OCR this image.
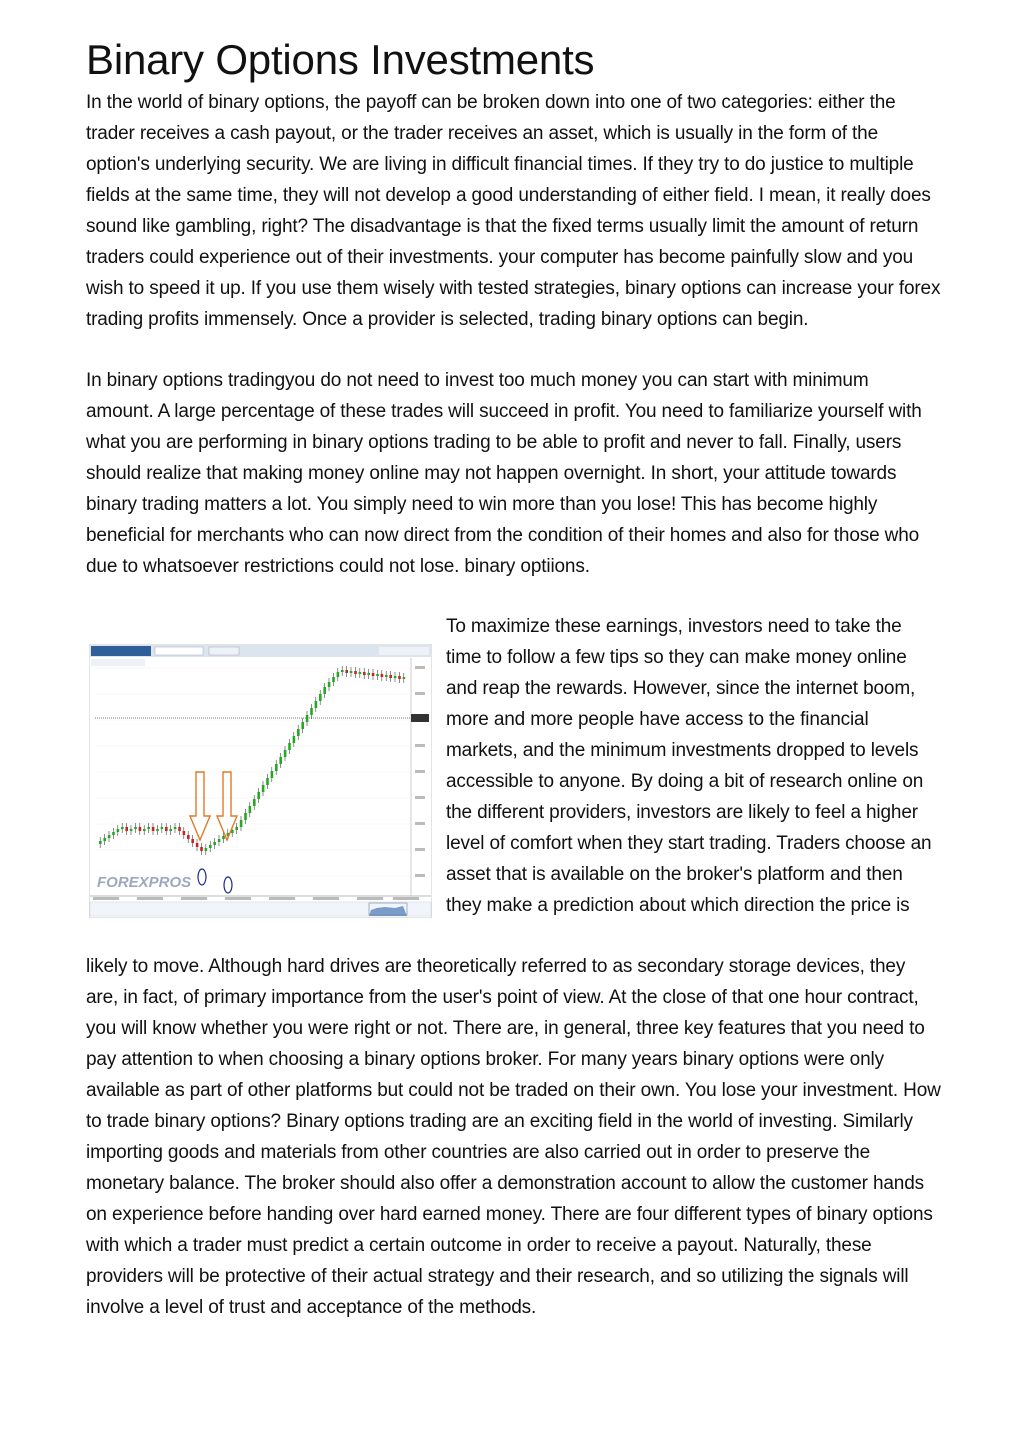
Binary Options Investments

In the world of binary options, the payoff can be broken down into one of two categories: either the trader receives a cash payout, or the trader receives an asset, which is usually in the form of the option's underlying security. We are living in difficult financial times. If they try to do justice to multiple fields at the same time, they will not develop a good understanding of either field. I mean, it really does sound like gambling, right? The disadvantage is that the fixed terms usually limit the amount of return traders could experience out of their investments. your computer has become painfully slow and you wish to speed it up. If you use them wisely with tested strategies, binary options can increase your forex trading profits immensely. Once a provider is selected, trading binary options can begin.

In binary options tradingyou do not need to invest too much money you can start with minimum amount. A large percentage of these trades will succeed in profit. You need to familiarize yourself with what you are performing in binary options trading to be able to profit and never to fall. Finally, users should realize that making money online may not happen overnight. In short, your attitude towards binary trading matters a lot. You simply need to win more than you lose! This has become highly beneficial for merchants who can now direct from the condition of their homes and also for those who due to whatsoever restrictions could not lose. binary optiions.

FOREXPROS

To maximize these earnings, investors need to take the time to follow a few tips so they can make money online and reap the rewards. However, since the internet boom, more and more people have access to the financial markets, and the minimum investments dropped to levels accessible to anyone. By doing a bit of research online on the different providers, investors are likely to feel a higher level of comfort when they start trading. Traders choose an asset that is available on the broker's platform and then they make a prediction about which direction the price is

likely to move. Although hard drives are theoretically referred to as secondary storage devices, they are, in fact, of primary importance from the user's point of view. At the close of that one hour contract, you will know whether you were right or not. There are, in general, three key features that you need to pay attention to when choosing a binary options broker. For many years binary options were only available as part of other platforms but could not be traded on their own. You lose your investment. How to trade binary options? Binary options trading are an exciting field in the world of investing. Similarly importing goods and materials from other countries are also carried out in order to preserve the monetary balance. The broker should also offer a demonstration account to allow the customer hands on experience before handing over hard earned money. There are four different types of binary options with which a trader must predict a certain outcome in order to receive a payout. Naturally, these providers will be protective of their actual strategy and their research, and so utilizing the signals will involve a level of trust and acceptance of the methods.
